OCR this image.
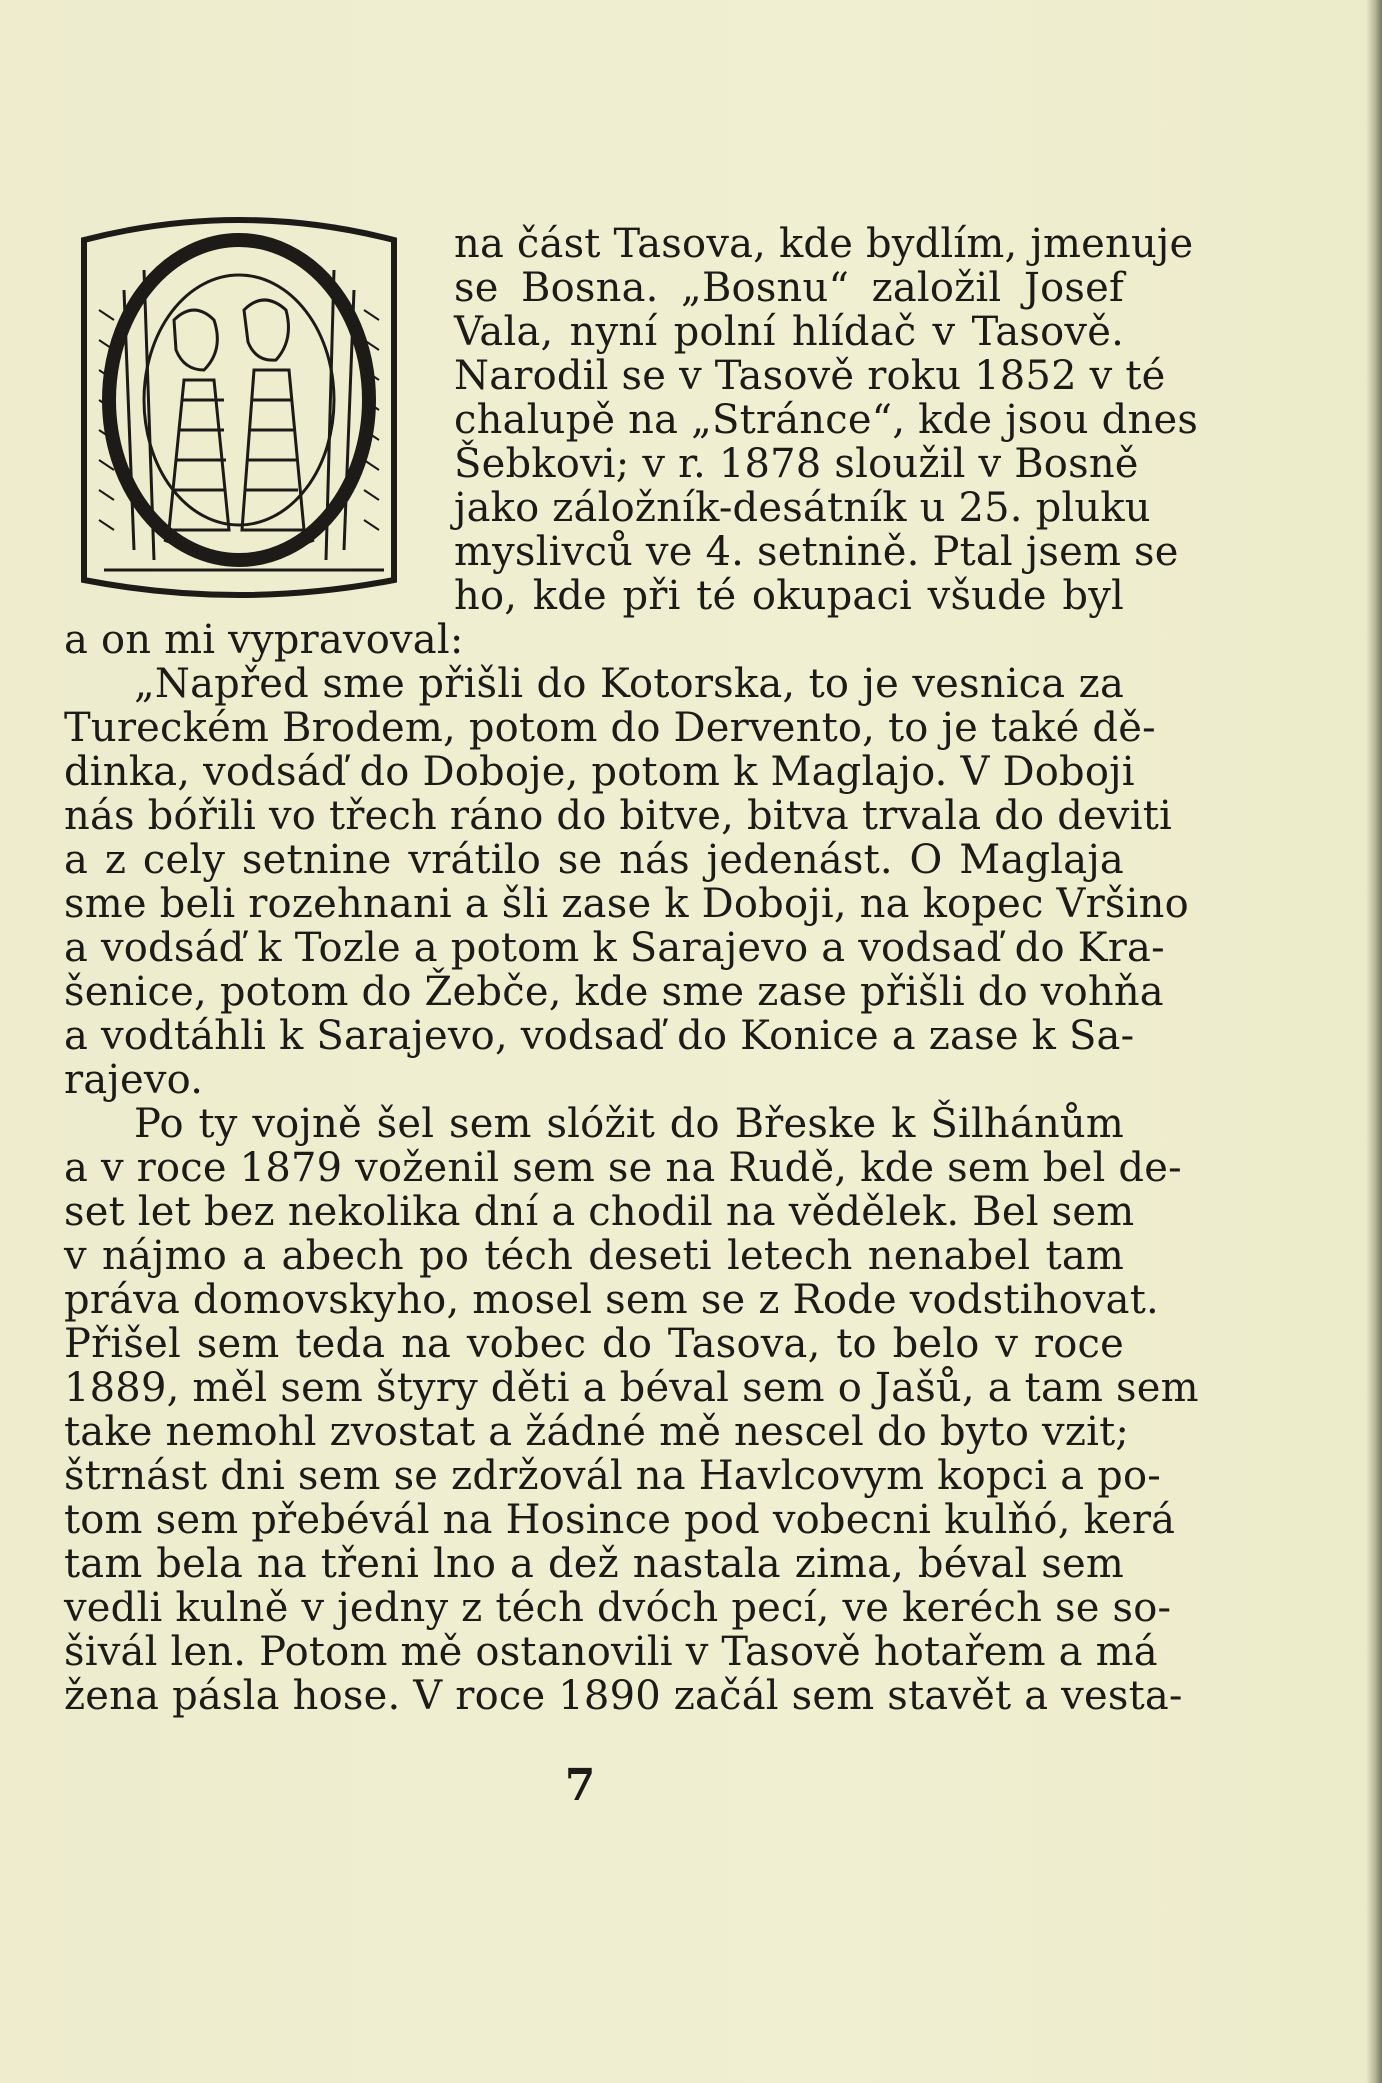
na část Tasova, kde bydlím, jmenuje
se Bosna. „Bosnu“ založil Josef
Vala, nyní polní hlídač v Tasově.
Narodil se v Tasově roku 1852 v té
chalupě na „Stránce“, kde jsou dnes
Šebkovi; v r. 1878 sloužil v Bosně
jako záložník-desátník u 25. pluku
myslivců ve 4. setnině. Ptal jsem se
ho, kde při té okupaci všude byl
a on mi vypravoval:
„Napřed sme přišli do Kotorska, to je vesnica za
Tureckém Brodem, potom do Dervento, to je také dě-
dinka, vodsáď do Doboje, potom k Maglajo. V Doboji
nás bóřili vo třech ráno do bitve, bitva trvala do deviti
a z cely setnine vrátilo se nás jedenást. O Maglaja
sme beli rozehnani a šli zase k Doboji, na kopec Vršino
a vodsáď k Tozle a potom k Sarajevo a vodsaď do Kra-
šenice, potom do Žebče, kde sme zase přišli do vohňa
a vodtáhli k Sarajevo, vodsaď do Konice a zase k Sa-
rajevo.
Po ty vojně šel sem slóžit do Břeske k Šilhánům
a v roce 1879 voženil sem se na Rudě, kde sem bel de-
set let bez nekolika dní a chodil na vědělek. Bel sem
v nájmo a abech po téch deseti letech nenabel tam
práva domovskyho, mosel sem se z Rode vodstihovat.
Přišel sem teda na vobec do Tasova, to belo v roce
1889, měl sem štyry děti a béval sem o Jašů, a tam sem
take nemohl zvostat a žádné mě nescel do byto vzit;
štrnást dni sem se zdržovál na Havlcovym kopci a po-
tom sem přebévál na Hosince pod vobecni kulňó, kerá
tam bela na třeni lno a dež nastala zima, béval sem
vedli kulně v jedny z téch dvóch pecí, ve keréch se so-
šivál len. Potom mě ostanovili v Tasově hotařem a má
žena pásla hose. V roce 1890 začál sem stavět a vesta-
7
